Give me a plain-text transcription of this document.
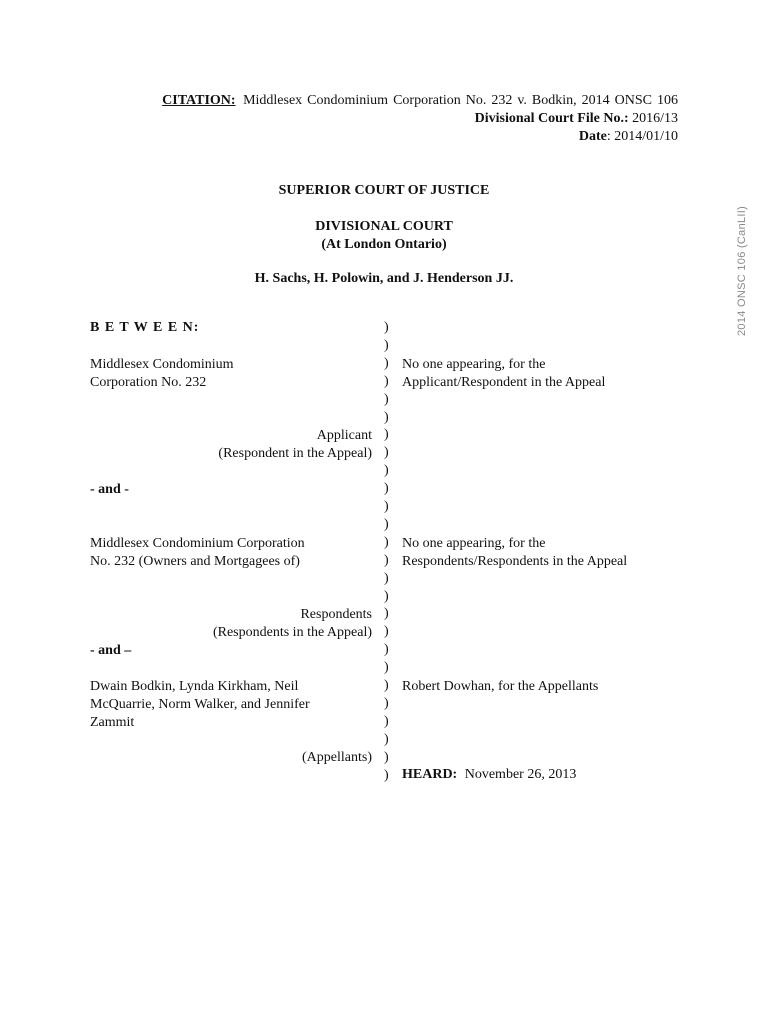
CITATION: Middlesex Condominium Corporation No. 232 v. Bodkin, 2014 ONSC 106
Divisional Court File No.: 2016/13
Date: 2014/01/10
SUPERIOR COURT OF JUSTICE
DIVISIONAL COURT
(At London Ontario)
H. Sachs, H. Polowin, and J. Henderson JJ.
B E T W E E N:
Middlesex Condominium
Corporation No. 232
Applicant
(Respondent in the Appeal)
No one appearing, for the
Applicant/Respondent in the Appeal
- and -
Middlesex Condominium Corporation
No. 232 (Owners and Mortgagees of)
Respondents
(Respondents in the Appeal)
No one appearing, for the
Respondents/Respondents in the Appeal
- and –
Dwain Bodkin, Lynda Kirkham, Neil
McQuarrie, Norm Walker, and Jennifer
Zammit
(Appellants)
Robert Dowhan, for the Appellants
HEARD: November 26, 2013
)
)
)
)
)
)
)
)
)
)
)
)
)
)
)
)
)
)
)
)
)
)
)
)
)
)
2014 ONSC 106 (CanLII)
